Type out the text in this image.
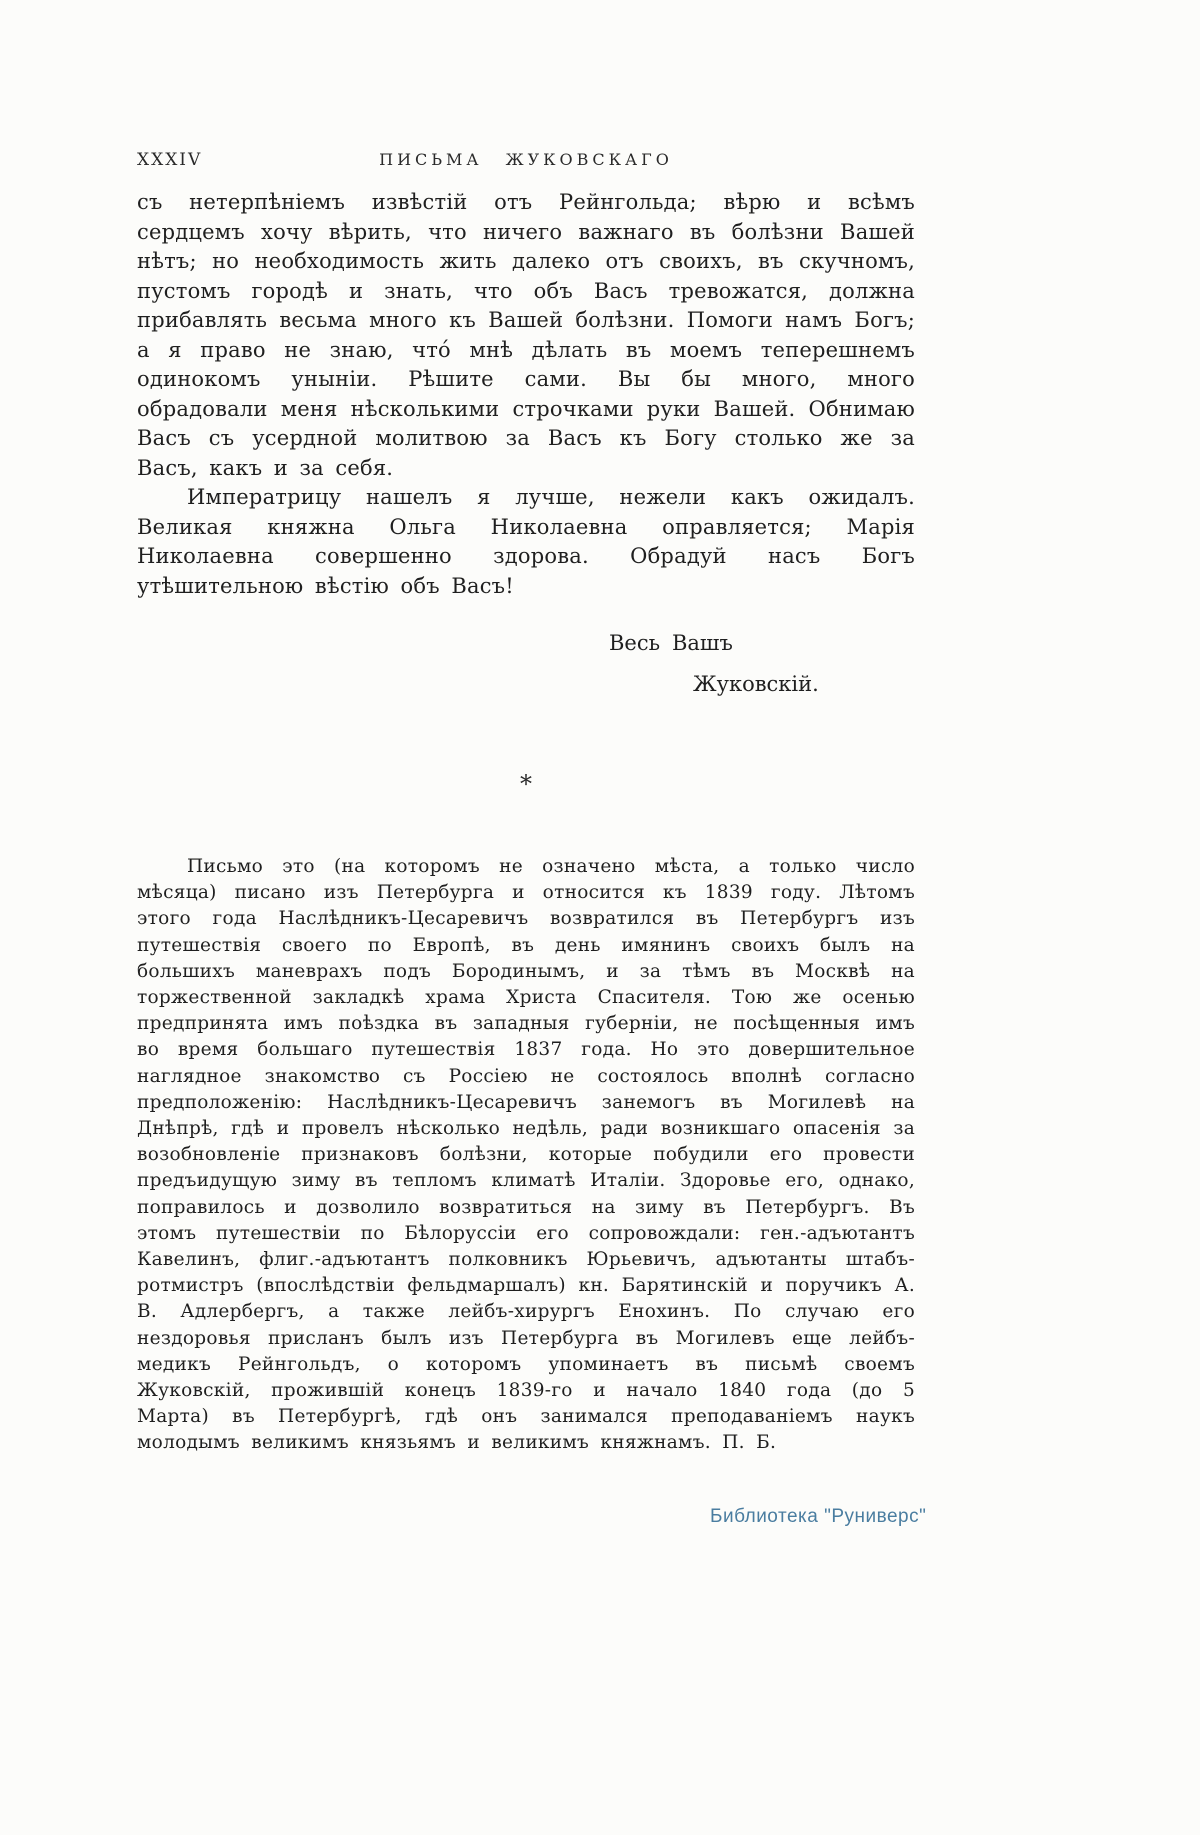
XXXIV	ПИСЬМА ЖУКОВСКАГО

съ нетерпѣніемъ извѣстій отъ Рейнгольда; вѣрю и всѣмъ сердцемъ хочу вѣрить, что ничего важнаго въ болѣзни Вашей нѣтъ; но необходимость жить далеко отъ своихъ, въ скучномъ, пустомъ городѣ и знать, что объ Васъ тревожатся, должна прибавлять весьма много къ Вашей болѣзни. Помоги намъ Богъ; а я право не знаю, что́ мнѣ дѣлать въ моемъ теперешнемъ одинокомъ уныніи. Рѣшите сами. Вы бы много, много обрадовали меня нѣсколькими строчками руки Вашей. Обнимаю Васъ съ усердной молитвою за Васъ къ Богу столько же за Васъ, какъ и за себя.

Императрицу нашелъ я лучше, нежели какъ ожидалъ. Великая княжна Ольга Николаевна оправляется; Марія Николаевна совершенно здорова. Обрадуй насъ Богъ утѣшительною вѣстію объ Васъ!

Весь Вашъ
Жуковскій.
*

Письмо это (на которомъ не означено мѣста, а только число мѣсяца) писано изъ Петербурга и относится къ 1839 году. Лѣтомъ этого года Наслѣдникъ-Цесаревичъ возвратился въ Петербургъ изъ путешествія своего по Европѣ, въ день имянинъ своихъ былъ на большихъ маневрахъ подъ Бородинымъ, и за тѣмъ въ Москвѣ на торжественной закладкѣ храма Христа Спасителя. Тою же осенью предпринята имъ поѣздка въ западныя губерніи, не посѣщенныя имъ во время большаго путешествія 1837 года. Но это довершительное наглядное знакомство съ Россіею не состоялось вполнѣ согласно предположенію: Наслѣдникъ-Цесаревичъ занемогъ въ Могилевѣ на Днѣпрѣ, гдѣ и провелъ нѣсколько недѣль, ради возникшаго опасенія за возобновленіе признаковъ болѣзни, которые побудили его провести предъидущую зиму въ тепломъ климатѣ Италіи. Здоровье его, однако, поправилось и дозволило возвратиться на зиму въ Петербургъ. Въ этомъ путешествіи по Бѣлоруссіи его сопровождали: ген.-адъютантъ Кавелинъ, флиг.-адъютантъ полковникъ Юрьевичъ, адъютанты штабъ-ротмистръ (впослѣдствіи фельдмаршалъ) кн. Барятинскій и поручикъ А. В. Адлербергъ, а также лейбъ-хирургъ Енохинъ. По случаю его нездоровья присланъ былъ изъ Петербурга въ Могилевъ еще лейбъ-медикъ Рейнгольдъ, о которомъ упоминаетъ въ письмѣ своемъ Жуковскій, прожившій конецъ 1839-го и начало 1840 года (до 5 Марта) въ Петербургѣ, гдѣ онъ занимался преподаваніемъ наукъ молодымъ великимъ князьямъ и великимъ княжнамъ. П. Б.

Библиотека "Руниверс"
